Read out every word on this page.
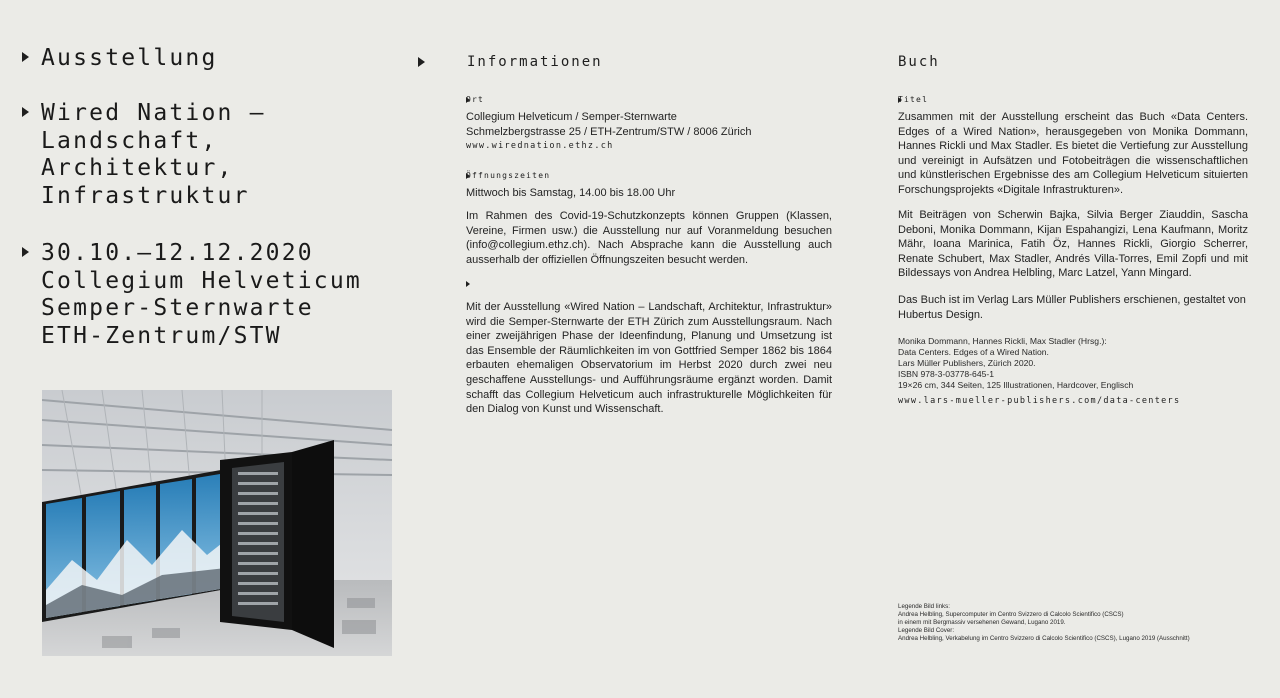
Ausstellung
Wired Nation –
Landschaft,
Architektur,
Infrastruktur
30.10.–12.12.2020
Collegium Helveticum
Semper-Sternwarte
ETH-Zentrum/STW
Informationen
Ort
Collegium Helveticum / Semper-Sternwarte
Schmelzbergstrasse 25 / ETH-Zentrum/STW / 8006 Zürich
www.wirednation.ethz.ch
Öffnungszeiten
Mittwoch bis Samstag, 14.00 bis 18.00 Uhr
Im Rahmen des Covid-19-Schutzkonzepts können Gruppen (Klassen, Vereine, Firmen usw.) die Ausstellung nur auf Voranmeldung besuchen (info@collegium.ethz.ch). Nach Absprache kann die Ausstellung auch ausserhalb der offiziellen Öffnungszeiten besucht werden.
Mit der Ausstellung «Wired Nation – Landschaft, Architektur, Infrastruktur» wird die Semper-Sternwarte der ETH Zürich zum Ausstellungsraum. Nach einer zweijährigen Phase der Ideenfindung, Planung und Umsetzung ist das Ensemble der Räumlichkeiten im von Gottfried Semper 1862 bis 1864 erbauten ehemaligen Observatorium im Herbst 2020 durch zwei neu geschaffene Ausstellungs- und Aufführungsräume ergänzt worden. Damit schafft das Collegium Helveticum auch infrastrukturelle Möglichkeiten für den Dialog von Kunst und Wissenschaft.
Buch
Titel
Zusammen mit der Ausstellung erscheint das Buch «Data Centers. Edges of a Wired Nation», herausgegeben von Monika Dommann, Hannes Rickli und Max Stadler. Es bietet die Vertiefung zur Ausstellung und vereinigt in Aufsätzen und Fotobeiträgen die wissenschaftlichen und künstlerischen Ergebnisse des am Collegium Helveticum situierten Forschungsprojekts «Digitale Infrastrukturen».
Mit Beiträgen von Scherwin Bajka, Silvia Berger Ziauddin, Sascha Deboni, Monika Dommann, Kijan Espahangizi, Lena Kaufmann, Moritz Mähr, Ioana Marinica, Fatih Öz, Hannes Rickli, Giorgio Scherrer, Renate Schubert, Max Stadler, Andrés Villa-Torres, Emil Zopfi und mit Bildessays von Andrea Helbling, Marc Latzel, Yann Mingard.
Das Buch ist im Verlag Lars Müller Publishers erschienen, gestaltet von Hubertus Design.
Monika Dommann, Hannes Rickli, Max Stadler (Hrsg.):
Data Centers. Edges of a Wired Nation.
Lars Müller Publishers, Zürich 2020.
ISBN 978-3-03778-645-1
19×26 cm, 344 Seiten, 125 Illustrationen, Hardcover, Englisch
www.lars-mueller-publishers.com/data-centers
Legende Bild links:
Andrea Helbling, Supercomputer im Centro Svizzero di Calcolo Scientifico (CSCS)
in einem mit Bergmassiv versehenen Gewand, Lugano 2019.
Legende Bild Cover:
Andrea Helbling, Verkabelung im Centro Svizzero di Calcolo Scientifico (CSCS), Lugano 2019 (Ausschnitt)
